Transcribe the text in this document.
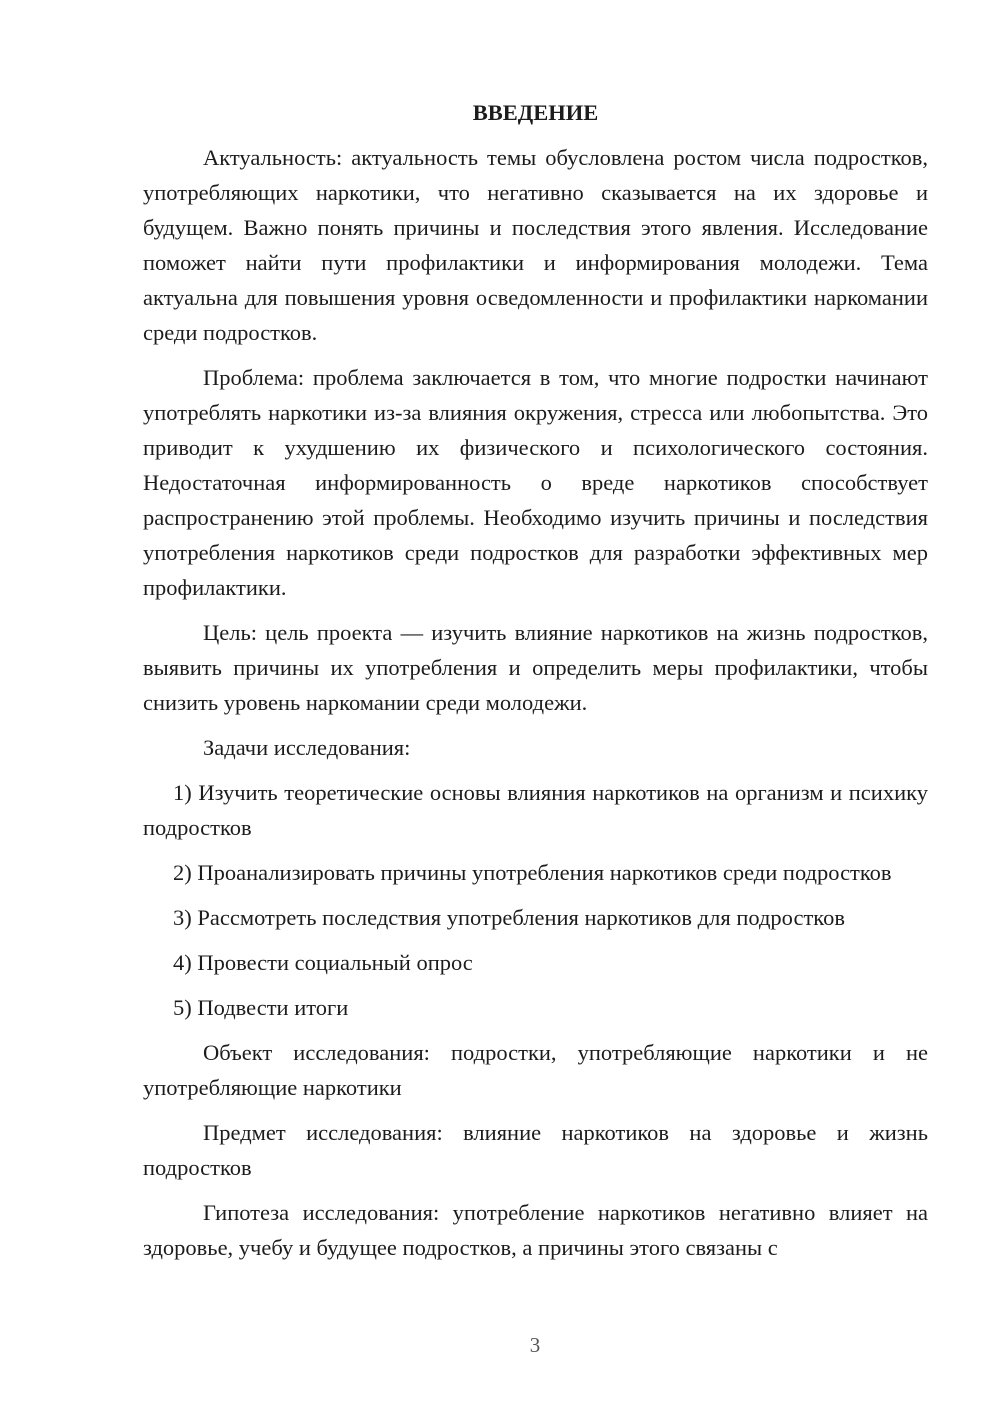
ВВЕДЕНИЕ

Актуальность: актуальность темы обусловлена ростом числа подростков, употребляющих наркотики, что негативно сказывается на их здоровье и будущем. Важно понять причины и последствия этого явления. Исследование поможет найти пути профилактики и информирования молодежи. Тема актуальна для повышения уровня осведомленности и профилактики наркомании среди подростков.

Проблема: проблема заключается в том, что многие подростки начинают употреблять наркотики из-за влияния окружения, стресса или любопытства. Это приводит к ухудшению их физического и психологического состояния. Недостаточная информированность о вреде наркотиков способствует распространению этой проблемы. Необходимо изучить причины и последствия употребления наркотиков среди подростков для разработки эффективных мер профилактики.

Цель: цель проекта — изучить влияние наркотиков на жизнь подростков, выявить причины их употребления и определить меры профилактики, чтобы снизить уровень наркомании среди молодежи.

Задачи исследования:

1) Изучить теоретические основы влияния наркотиков на организм и психику подростков

2) Проанализировать причины употребления наркотиков среди подростков

3) Рассмотреть последствия употребления наркотиков для подростков

4) Провести социальный опрос

5) Подвести итоги

Объект исследования: подростки, употребляющие наркотики и не употребляющие наркотики

Предмет исследования: влияние наркотиков на здоровье и жизнь подростков

Гипотеза исследования: употребление наркотиков негативно влияет на здоровье, учебу и будущее подростков, а причины этого связаны с

3
